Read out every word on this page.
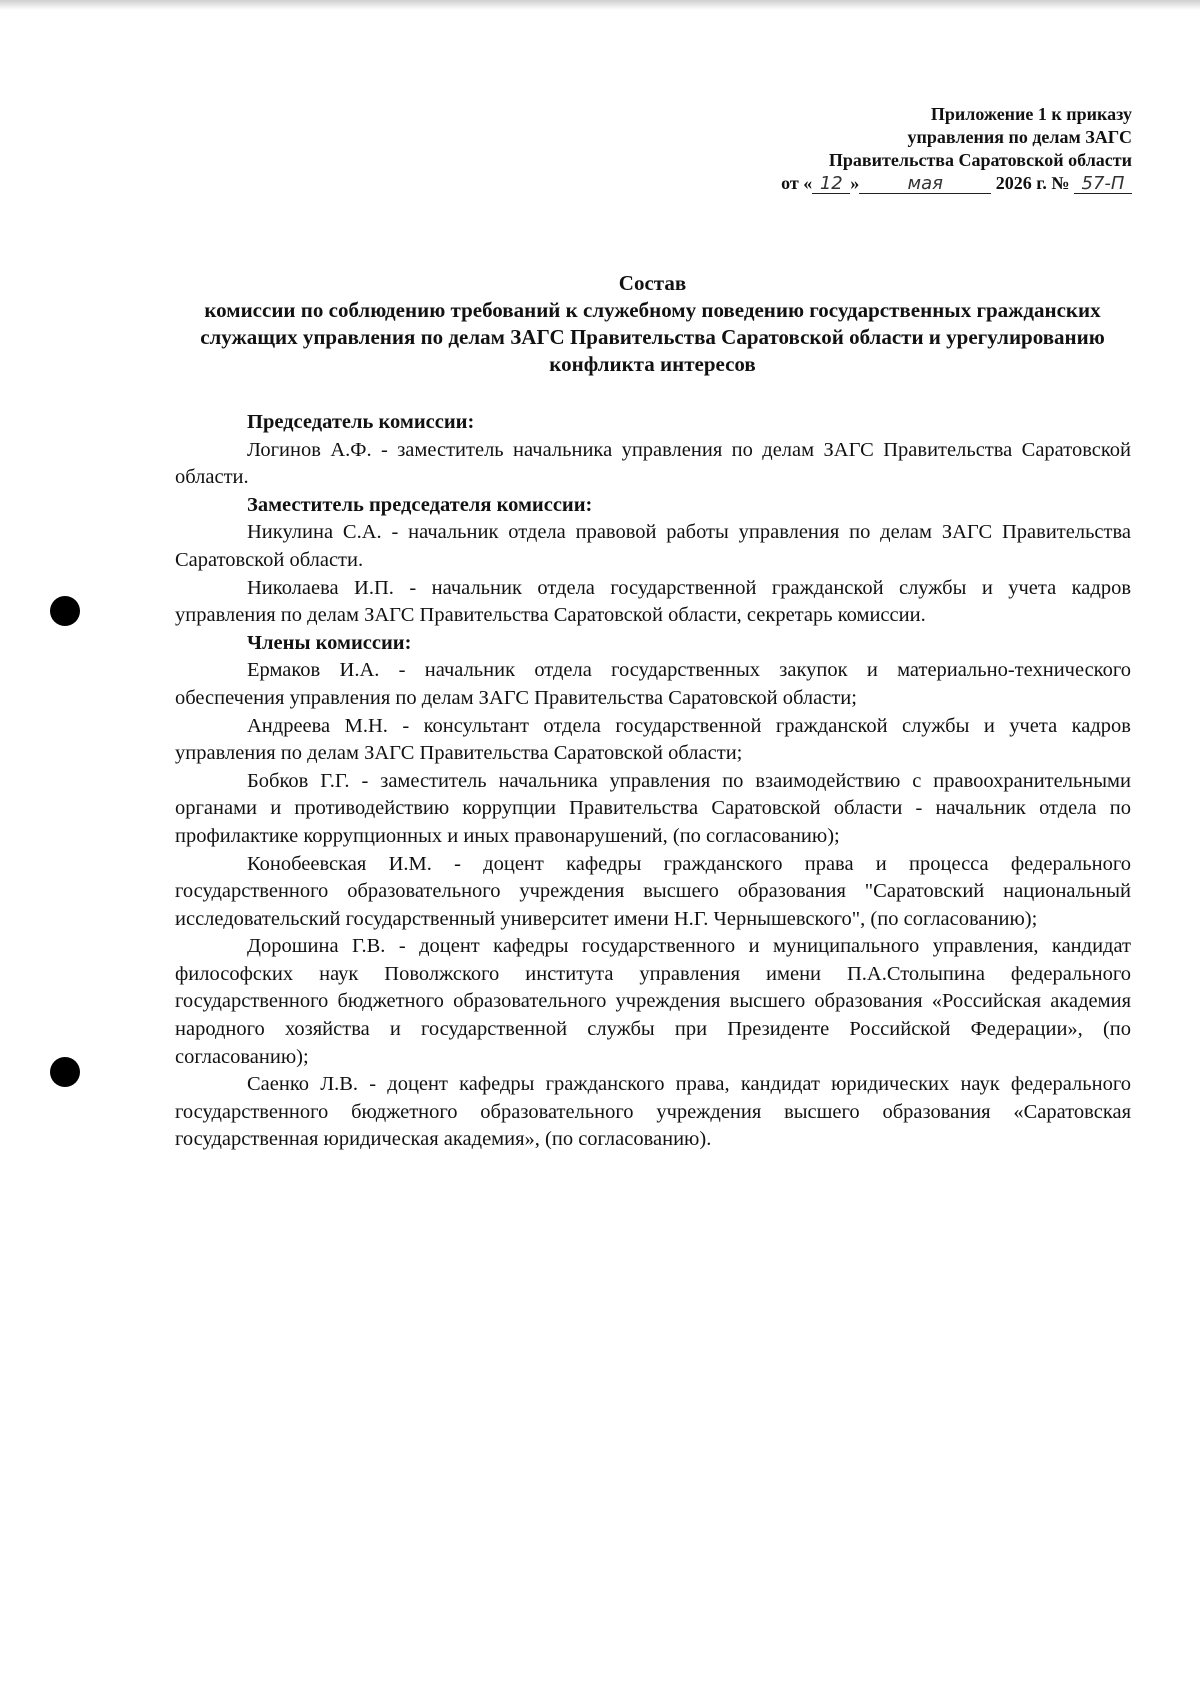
Приложение 1 к приказу
управления по делам ЗАГС
Правительства Саратовской области
от « 12 »	мая	2026 г. № 57-П
Состав
комиссии по соблюдению требований к служебному поведению государственных гражданских служащих управления по делам ЗАГС Правительства Саратовской области и урегулированию конфликта интересов

Председатель комиссии:

Логинов А.Ф. - заместитель начальника управления по делам ЗАГС Правительства Саратовской области.

Заместитель председателя комиссии:

Никулина С.А. - начальник отдела правовой работы управления по делам ЗАГС Правительства Саратовской области.

Николаева И.П. - начальник отдела государственной гражданской службы и учета кадров управления по делам ЗАГС Правительства Саратовской области, секретарь комиссии.

Члены комиссии:

Ермаков И.А. - начальник отдела государственных закупок и материально-технического обеспечения управления по делам ЗАГС Правительства Саратовской области;

Андреева М.Н. - консультант отдела государственной гражданской службы и учета кадров управления по делам ЗАГС Правительства Саратовской области;

Бобков Г.Г. - заместитель начальника управления по взаимодействию с правоохранительными органами и противодействию коррупции Правительства Саратовской области - начальник отдела по профилактике коррупционных и иных правонарушений, (по согласованию);

Конобеевская И.М. - доцент кафедры гражданского права и процесса федерального государственного образовательного учреждения высшего образования "Саратовский национальный исследовательский государственный университет имени Н.Г. Чернышевского", (по согласованию);

Дорошина Г.В. - доцент кафедры государственного и муниципального управления, кандидат философских наук Поволжского института управления имени П.А.Столыпина федерального государственного бюджетного образовательного учреждения высшего образования «Российская академия народного хозяйства и государственной службы при Президенте Российской Федерации», (по согласованию);

Саенко Л.В. - доцент кафедры гражданского права, кандидат юридических наук федерального государственного бюджетного образовательного учреждения высшего образования «Саратовская государственная юридическая академия», (по согласованию).
